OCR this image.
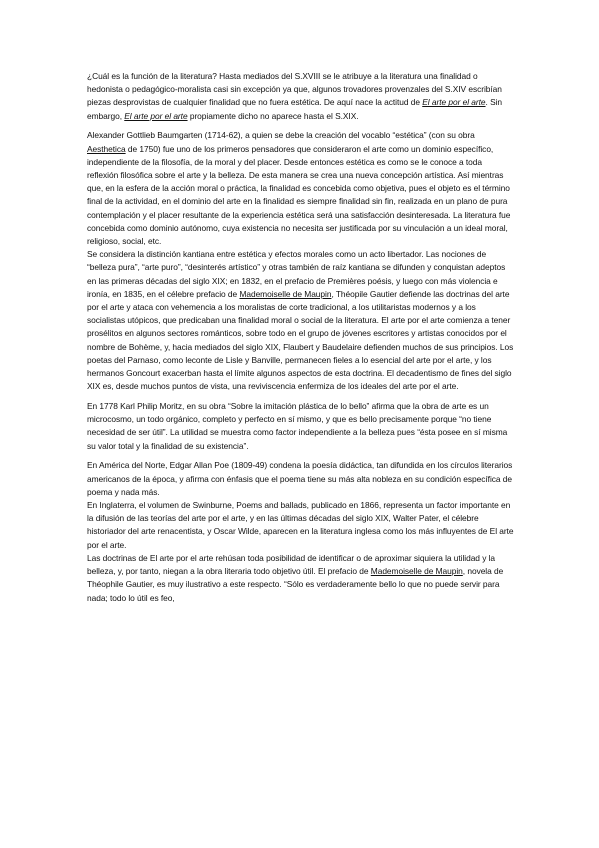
¿Cuál es la función de la literatura? Hasta mediados del S.XVIII se le atribuye a la literatura una finalidad o hedonista o pedagógico-moralista casi sin excepción ya que, algunos trovadores provenzales del S.XIV escribían piezas desprovistas de cualquier finalidad que no fuera estética. De aquí nace la actitud de El arte por el arte. Sin embargo, El arte por el arte propiamente dicho no aparece hasta el S.XIX.

Alexander Gottlieb Baumgarten (1714-62), a quien se debe la creación del vocablo “estética” (con su obra Aesthetica de 1750) fue uno de los primeros pensadores que consideraron el arte como un dominio específico, independiente de la filosofía, de la moral y del placer. Desde entonces estética es como se le conoce a toda reflexión filosófica sobre el arte y la belleza. De esta manera se crea una nueva concepción artística. Así mientras que, en la esfera de la acción moral o práctica, la finalidad es concebida como objetiva, pues el objeto es el término final de la actividad, en el dominio del arte en la finalidad es siempre finalidad sin fin, realizada en un plano de pura contemplación y el placer resultante de la experiencia estética será una satisfacción desinteresada. La literatura fue concebida como dominio autónomo, cuya existencia no necesita ser justificada por su vinculación a un ideal moral, religioso, social, etc.

Se considera la distinción kantiana entre estética y efectos morales como un acto libertador. Las nociones de “belleza pura”, “arte puro”, “desinterés artístico” y otras también de raíz kantiana se difunden y conquistan adeptos en las primeras décadas del siglo XIX; en 1832, en el prefacio de Premières poésis, y luego con más violencia e ironía, en 1835, en el célebre prefacio de Mademoiselle de Maupin, Théopile Gautier defiende las doctrinas del arte por el arte y ataca con vehemencia a los moralistas de corte tradicional, a los utilitaristas modernos y a los socialistas utópicos, que predicaban una finalidad moral o social de la literatura. El arte por el arte comienza a tener prosélitos en algunos sectores románticos, sobre todo en el grupo de jóvenes escritores y artistas conocidos por el nombre de Bohème, y, hacia mediados del siglo XIX, Flaubert y Baudelaire defienden muchos de sus principios. Los poetas del Parnaso, como leconte de Lisle y Banville, permanecen fieles a lo esencial del arte por el arte, y los hermanos Goncourt exacerban hasta el límite algunos aspectos de esta doctrina. El decadentismo de fines del siglo XIX es, desde muchos puntos de vista, una reviviscencia enfermiza de los ideales del arte por el arte.

En 1778 Karl Philip Moritz, en su obra “Sobre la imitación plástica de lo bello” afirma que la obra de arte es un microcosmo, un todo orgánico, completo y perfecto en sí mismo, y que es bello precisamente porque “no tiene necesidad de ser útil”. La utilidad se muestra como factor independiente a la belleza pues “ésta posee en sí misma su valor total y la finalidad de su existencia”.

En América del Norte, Edgar Allan Poe (1809-49) condena la poesía didáctica, tan difundida en los círculos literarios americanos de la época, y afirma con énfasis que el poema tiene su más alta nobleza en su condición específica de poema y nada más.

En Inglaterra, el volumen de Swinburne, Poems and ballads, publicado en 1866, representa un factor importante en la difusión de las teorías del arte por el arte, y en las últimas décadas del siglo XIX, Walter Pater, el célebre historiador del arte renacentista, y Oscar Wilde, aparecen en la literatura inglesa como los más influyentes de El arte por el arte.

Las doctrinas de El arte por el arte rehúsan toda posibilidad de identificar o de aproximar siquiera la utilidad y la belleza, y, por tanto, niegan a la obra literaria todo objetivo útil. El prefacio de Mademoiselle de Maupin, novela de Théophile Gautier, es muy ilustrativo a este respecto. “Sólo es verdaderamente bello lo que no puede servir para nada; todo lo útil es feo,
